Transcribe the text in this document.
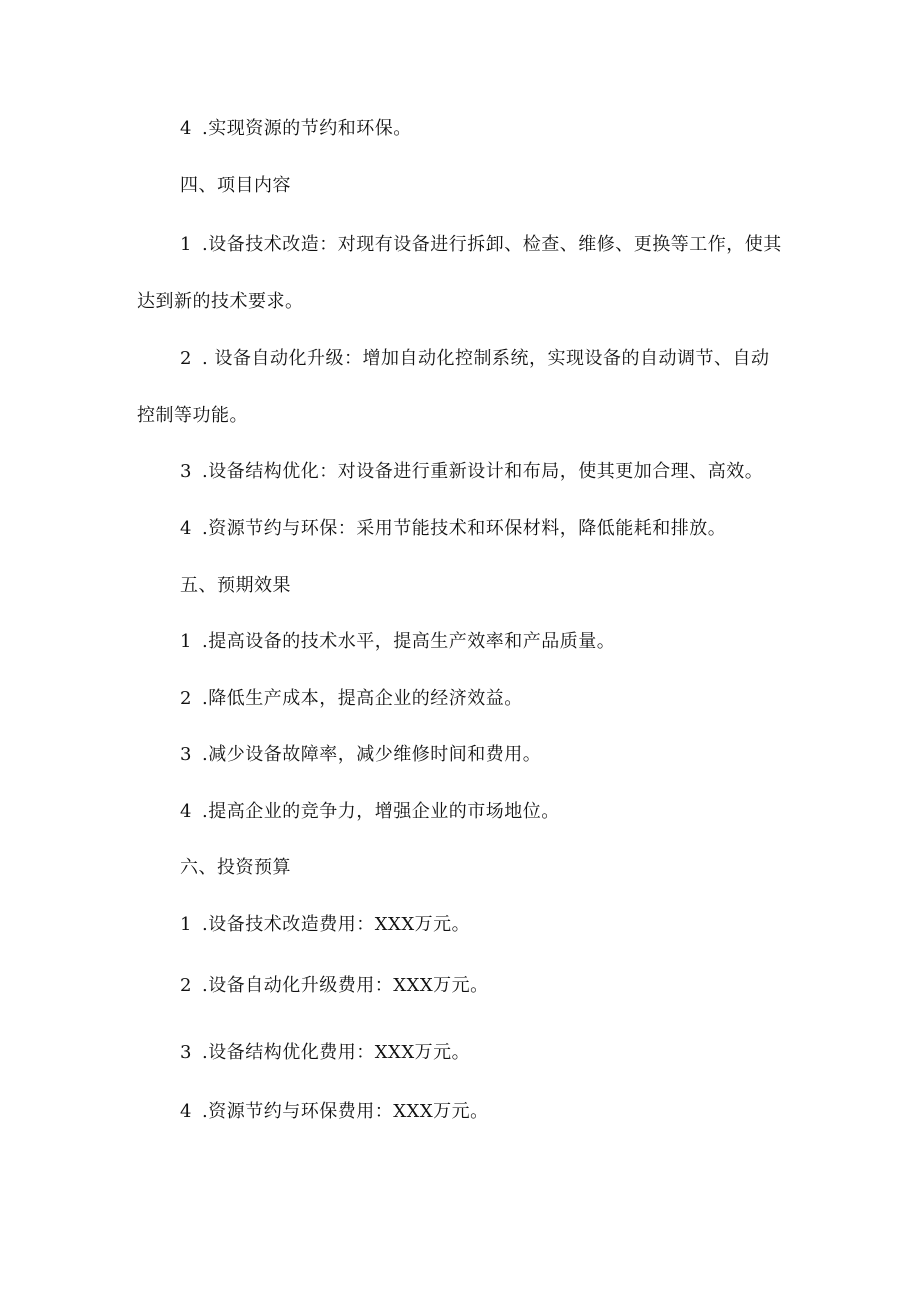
4 .实现资源的节约和环保。
四、项目内容
1 .设备技术改造：对现有设备进行拆卸、检查、维修、更换等工作，使其
达到新的技术要求。
2 . 设备自动化升级：增加自动化控制系统，实现设备的自动调节、自动
控制等功能。
3 .设备结构优化：对设备进行重新设计和布局，使其更加合理、高效。
4 .资源节约与环保：采用节能技术和环保材料，降低能耗和排放。
五、预期效果
1 .提高设备的技术水平，提高生产效率和产品质量。
2 .降低生产成本，提高企业的经济效益。
3 .减少设备故障率，减少维修时间和费用。
4 .提高企业的竞争力，增强企业的市场地位。
六、投资预算
1 .设备技术改造费用：XXX万元。
2 .设备自动化升级费用：XXX万元。
3 .设备结构优化费用：XXX万元。
4 .资源节约与环保费用：XXX万元。
